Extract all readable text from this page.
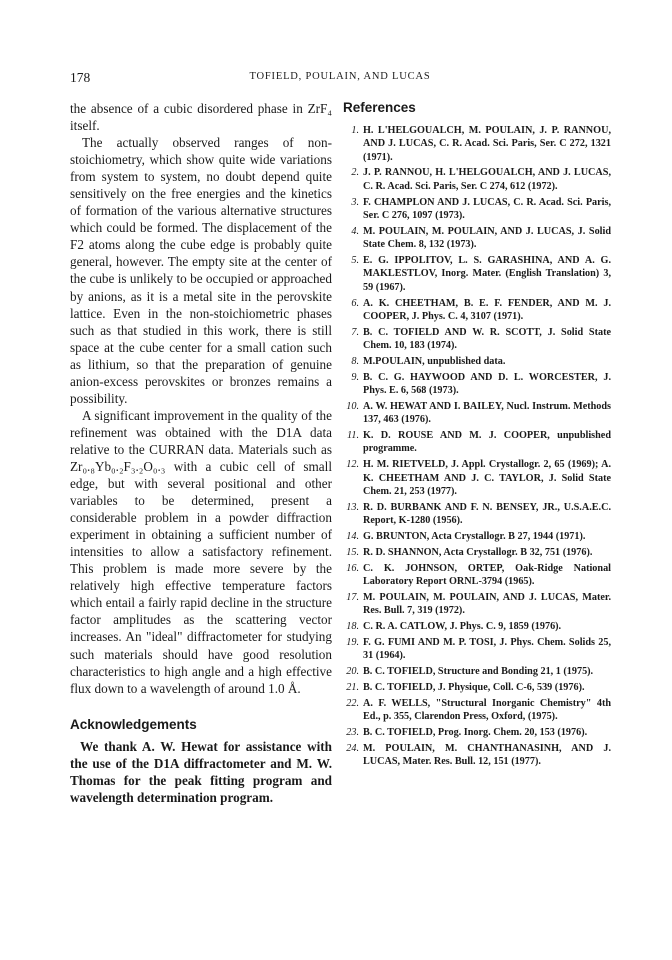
178	TOFIELD, POULAIN, AND LUCAS

the absence of a cubic disordered phase in ZrF₄ itself.

The actually observed ranges of non-stoichiometry, which show quite wide variations from system to system, no doubt depend quite sensitively on the free energies and the kinetics of formation of the various alternative structures which could be formed. The displacement of the F2 atoms along the cube edge is probably quite general, however. The empty site at the center of the cube is unlikely to be occupied or approached by anions, as it is a metal site in the perovskite lattice. Even in the non-stoichiometric phases such as that studied in this work, there is still space at the cube center for a small cation such as lithium, so that the preparation of genuine anion-excess perovskites or bronzes remains a possibility.

A significant improvement in the quality of the refinement was obtained with the D1A data relative to the CURRAN data. Materials such as Zr₀.₈Yb₀.₂F₃.₂O₀.₃ with a cubic cell of small edge, but with several positional and other variables to be determined, present a considerable problem in a powder diffraction experiment in obtaining a sufficient number of intensities to allow a satisfactory refinement. This problem is made more severe by the relatively high effective temperature factors which entail a fairly rapid decline in the structure factor amplitudes as the scattering vector increases. An "ideal" diffractometer for studying such materials should have good resolution characteristics to high angle and a high effective flux down to a wavelength of around 1.0 Å.

Acknowledgements

We thank A. W. Hewat for assistance with the use of the D1A diffractometer and M. W. Thomas for the peak fitting program and wavelength determination program.

References
1. H. L'HELGOUALCH, M. POULAIN, J. P. RANNOU, AND J. LUCAS, C. R. Acad. Sci. Paris, Ser. C 272, 1321 (1971).
2. J. P. RANNOU, H. L'HELGOUALCH, AND J. LUCAS, C. R. Acad. Sci. Paris, Ser. C 274, 612 (1972).
3. F. CHAMPLON AND J. LUCAS, C. R. Acad. Sci. Paris, Ser. C 276, 1097 (1973).
4. M. POULAIN, M. POULAIN, AND J. LUCAS, J. Solid State Chem. 8, 132 (1973).
5. E. G. IPPOLITOV, L. S. GARASHINA, AND A. G. MAKLESTLOV, Inorg. Mater. (English Translation) 3, 59 (1967).
6. A. K. CHEETHAM, B. E. F. FENDER, AND M. J. COOPER, J. Phys. C. 4, 3107 (1971).
7. B. C. TOFIELD AND W. R. SCOTT, J. Solid State Chem. 10, 183 (1974).
8. M.POULAIN, unpublished data.
9. B. C. G. HAYWOOD AND D. L. WORCESTER, J. Phys. E. 6, 568 (1973).
10. A. W. HEWAT AND I. BAILEY, Nucl. Instrum. Methods 137, 463 (1976).
11. K. D. ROUSE AND M. J. COOPER, unpublished programme.
12. H. M. RIETVELD, J. Appl. Crystallogr. 2, 65 (1969); A. K. CHEETHAM AND J. C. TAYLOR, J. Solid State Chem. 21, 253 (1977).
13. R. D. BURBANK AND F. N. BENSEY, JR., U.S.A.E.C. Report, K-1280 (1956).
14. G. BRUNTON, Acta Crystallogr. B 27, 1944 (1971).
15. R. D. SHANNON, Acta Crystallogr. B 32, 751 (1976).
16. C. K. JOHNSON, ORTEP, Oak-Ridge National Laboratory Report ORNL-3794 (1965).
17. M. POULAIN, M. POULAIN, AND J. LUCAS, Mater. Res. Bull. 7, 319 (1972).
18. C. R. A. CATLOW, J. Phys. C. 9, 1859 (1976).
19. F. G. FUMI AND M. P. TOSI, J. Phys. Chem. Solids 25, 31 (1964).
20. B. C. TOFIELD, Structure and Bonding 21, 1 (1975).
21. B. C. TOFIELD, J. Physique, Coll. C-6, 539 (1976).
22. A. F. WELLS, "Structural Inorganic Chemistry" 4th Ed., p. 355, Clarendon Press, Oxford, (1975).
23. B. C. TOFIELD, Prog. Inorg. Chem. 20, 153 (1976).
24. M. POULAIN, M. CHANTHANASINH, AND J. LUCAS, Mater. Res. Bull. 12, 151 (1977).
